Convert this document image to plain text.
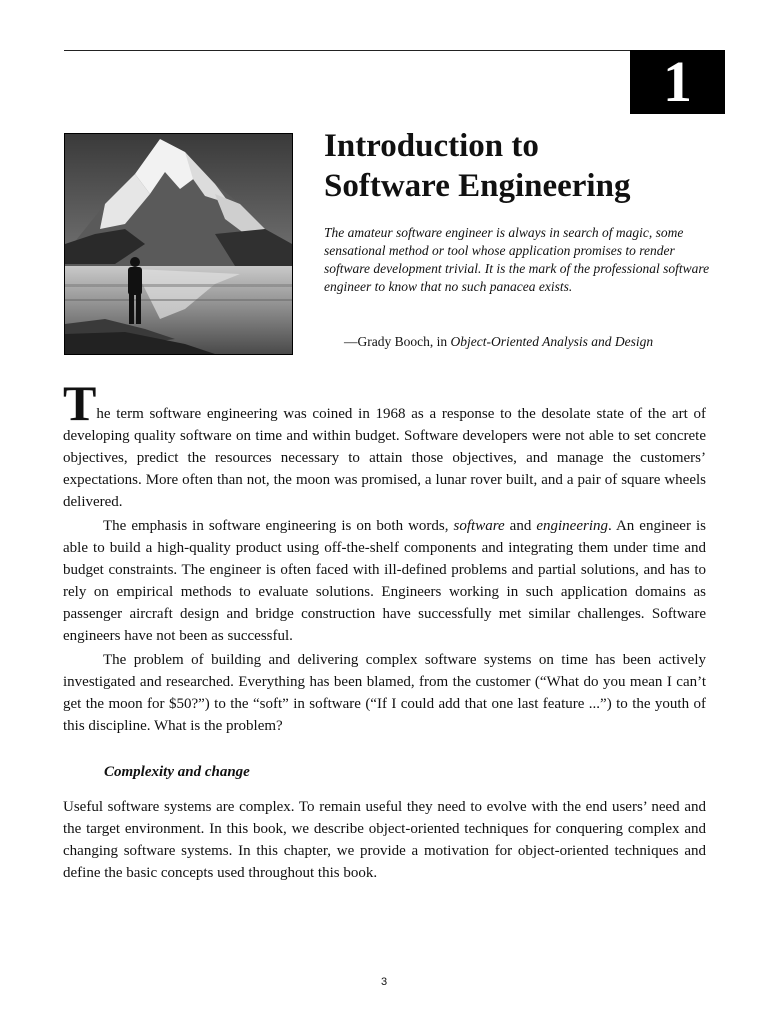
1
Introduction to
Software Engineering

The amateur software engineer is always in search of magic, some sensational method or tool whose application promises to render software development trivial. It is the mark of the professional software engineer to know that no such panacea exists.

—Grady Booch, in Object-Oriented Analysis and Design

The term software engineering was coined in 1968 as a response to the desolate state of the art of developing quality software on time and within budget. Software developers were not able to set concrete objectives, predict the resources necessary to attain those objectives, and manage the customers’ expectations. More often than not, the moon was promised, a lunar rover built, and a pair of square wheels delivered.

The emphasis in software engineering is on both words, software and engineering. An engineer is able to build a high-quality product using off-the-shelf components and integrating them under time and budget constraints. The engineer is often faced with ill-defined problems and partial solutions, and has to rely on empirical methods to evaluate solutions. Engineers working in such application domains as passenger aircraft design and bridge construction have successfully met similar challenges. Software engineers have not been as successful.

The problem of building and delivering complex software systems on time has been actively investigated and researched. Everything has been blamed, from the customer (“What do you mean I can’t get the moon for $50?”) to the “soft” in software (“If I could add that one last feature ...”) to the youth of this discipline. What is the problem?

Complexity and change

Useful software systems are complex. To remain useful they need to evolve with the end users’ need and the target environment. In this book, we describe object-oriented techniques for conquering complex and changing software systems. In this chapter, we provide a motivation for object-oriented techniques and define the basic concepts used throughout this book.

3
